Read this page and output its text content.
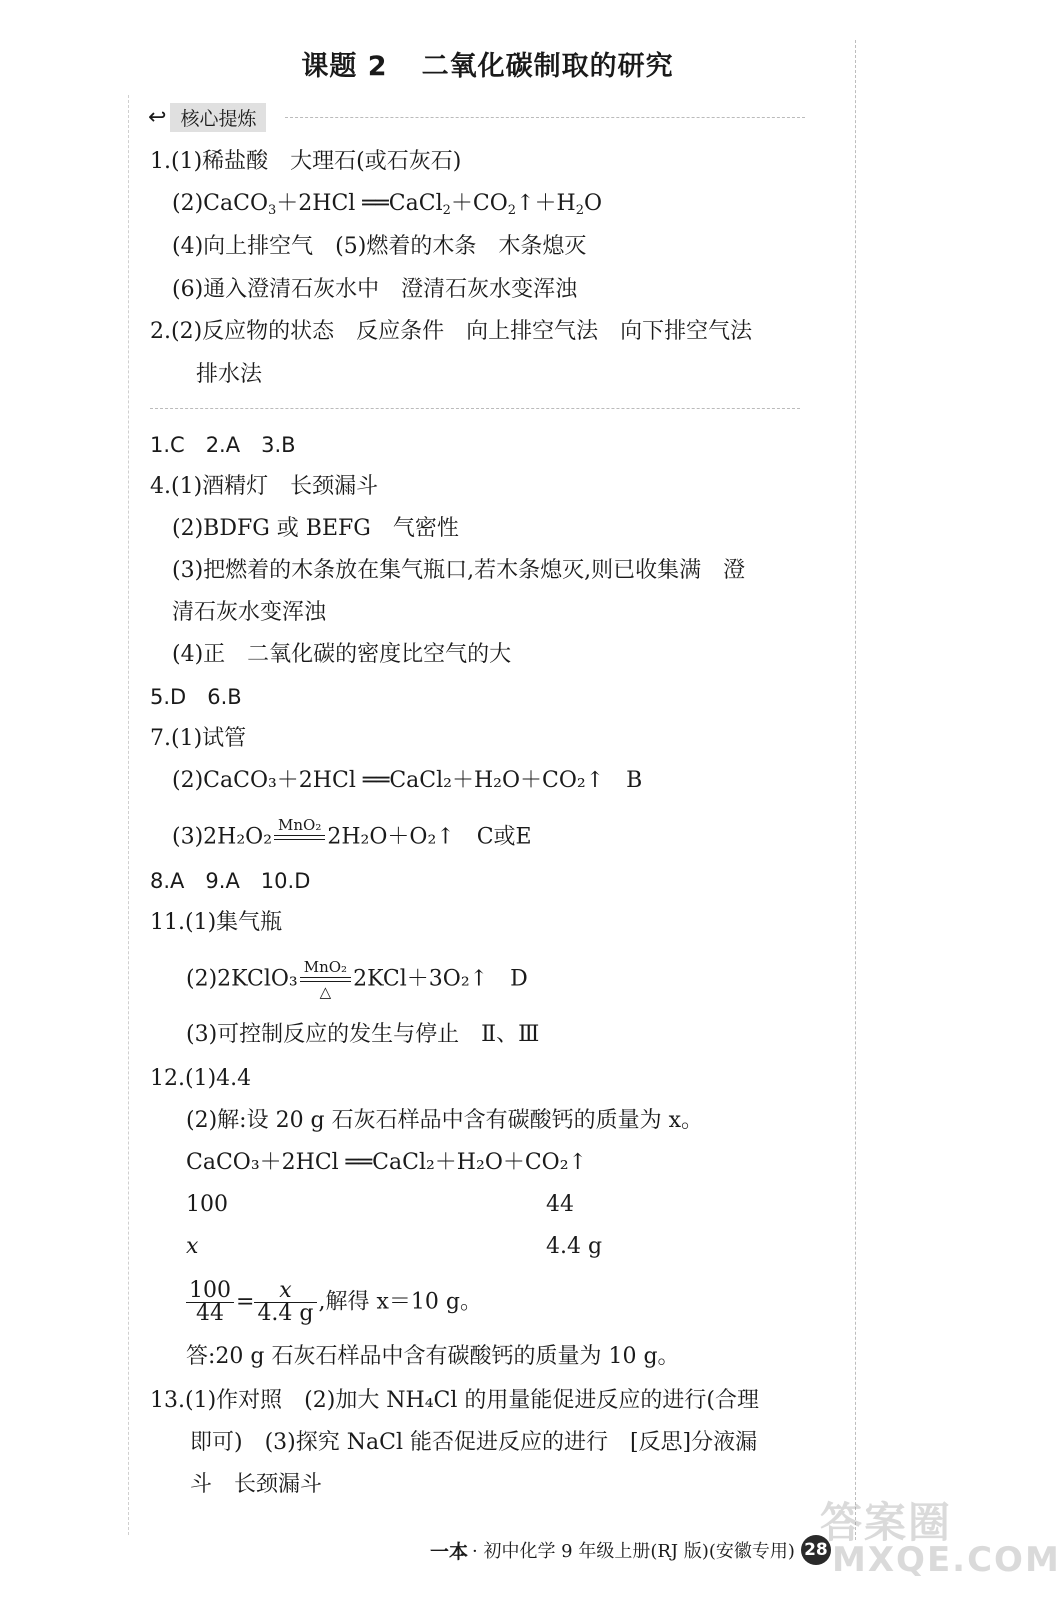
课题 2 二氧化碳制取的研究
↩ 核心提炼
1.(1)稀盐酸　大理石(或石灰石)
(2)CaCO$_3$＋2HCl $══CaCl_2+CO_2↑+H_2O$
(4)向上排空气　(5)燃着的木条　木条熄灭
(6)通入澄清石灰水中　澄清石灰水变浑浊
2.(2)反应物的状态　反应条件　向上排空气法　向下排空气法
排水法
1.C　2.A　3.B
4.(1)酒精灯　长颈漏斗
(2)BDFG 或 BEFG　气密性
(3)把燃着的木条放在集气瓶口,若木条熄灭,则已收集满　澄
清石灰水变浑浊
(4)正　二氧化碳的密度比空气的大
5.D　6.B
7.(1)试管
(2)CaCO₃＋2HCl ══CaCl₂＋H₂O＋CO₂↑　B
(3)2H₂O₂ MnO₂
2H₂O＋O₂↑　C或E
8.A　9.A　10.D
11.(1)集气瓶
(2)2KClO₃ MnO₂
△
2KCl＋3O₂↑　D
(3)可控制反应的发生与停止　Ⅱ、Ⅲ
12.(1)4.4
(2)解:设 20 g 石灰石样品中含有碳酸钙的质量为 x。
CaCO₃＋2HCl ══CaCl₂＋H₂O＋CO₂↑
100	44
x	4.4 g
$\frac{100}{44} = \frac{x}{4.4 g}$ ,解得 x＝10 g。
答:20 g 石灰石样品中含有碳酸钙的质量为 10 g。
13.(1)作对照　(2)加大 NH₄Cl 的用量能促进反应的进行(合理
即可)　(3)探究 NaCl 能否促进反应的进行　[反思]分液漏
斗　长颈漏斗
一本 · 初中化学 9 年级上册(RJ 版)(安徽专用) 28
答案圈
MXQE.COM
